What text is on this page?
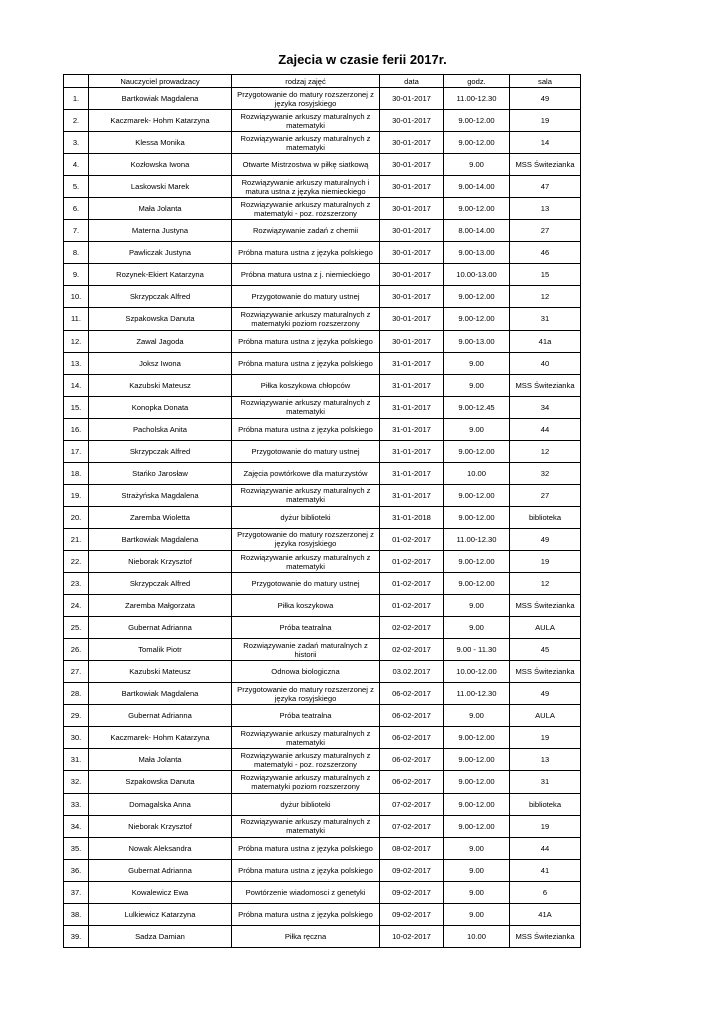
Zajecia w czasie ferii 2017r.
	Nauczyciel prowadzacy	rodzaj zajęć	data	godz.	sala
1.	Bartkowiak Magdalena	Przygotowanie do matury rozszerzonej z języka rosyjskiego	30-01-2017	11.00-12.30	49
2.	Kaczmarek- Hohm Katarzyna	Rozwiązywanie arkuszy maturalnych z matematyki	30-01-2017	9.00-12.00	19
3.	Klessa Monika	Rozwiązywanie arkuszy maturalnych z matematyki	30-01-2017	9.00-12.00	14
4.	Kozłowska Iwona	Otwarte Mistrzostwa w piłkę siatkową	30-01-2017	9.00	MSS Świtezianka
5.	Laskowski Marek	Rozwiązywanie arkuszy maturalnych i matura ustna z języka niemieckiego	30-01-2017	9.00-14.00	47
6.	Mała Jolanta	Rozwiązywanie arkuszy maturalnych z matematyki - poz. rozszerzony	30-01-2017	9.00-12.00	13
7.	Materna Justyna	Rozwiązywanie zadań z chemii	30-01-2017	8.00-14.00	27
8.	Pawliczak Justyna	Próbna matura ustna z języka polskiego	30-01-2017	9.00-13.00	46
9.	Rozynek-Ekiert Katarzyna	Próbna matura ustna z j. niemieckiego	30-01-2017	10.00-13.00	15
10.	Skrzypczak Alfred	Przygotowanie do matury ustnej	30-01-2017	9.00-12.00	12
11.	Szpakowska Danuta	Rozwiązywanie arkuszy maturalnych z matematyki poziom rozszerzony	30-01-2017	9.00-12.00	31
12.	Zawal Jagoda	Próbna matura ustna z języka polskiego	30-01-2017	9.00-13.00	41a
13.	Joksz Iwona	Próbna matura ustna z języka polskiego	31-01-2017	9.00	40
14.	Kazubski Mateusz	Piłka koszykowa chłopców	31-01-2017	9.00	MSS Świtezianka
15.	Konopka Donata	Rozwiązywanie arkuszy maturalnych z matematyki	31-01-2017	9.00-12.45	34
16.	Pacholska Anita	Próbna matura ustna z języka polskiego	31-01-2017	9.00	44
17.	Skrzypczak Alfred	Przygotowanie do matury ustnej	31-01-2017	9.00-12.00	12
18.	Stańko Jarosław	Zajęcia powtórkowe dla maturzystów	31-01-2017	10.00	32
19.	Strażyńska Magdalena	Rozwiązywanie arkuszy maturalnych z matematyki	31-01-2017	9.00-12.00	27
20.	Zaremba Wioletta	dyżur biblioteki	31-01-2018	9.00-12.00	biblioteka
21.	Bartkowiak Magdalena	Przygotowanie do matury rozszerzonej z języka rosyjskiego	01-02-2017	11.00-12.30	49
22.	Nieborak Krzysztof	Rozwiązywanie arkuszy maturalnych z matematyki	01-02-2017	9.00-12.00	19
23.	Skrzypczak Alfred	Przygotowanie do matury ustnej	01-02-2017	9.00-12.00	12
24.	Zaremba Małgorzata	Piłka koszykowa	01-02-2017	9.00	MSS Świtezianka
25.	Gubernat Adrianna	Próba teatralna	02-02-2017	9.00	AULA
26.	Tomalik Piotr	Rozwiązywanie zadań maturalnych z historii	02-02-2017	9.00 - 11.30	45
27.	Kazubski Mateusz	Odnowa biologiczna	03.02.2017	10.00-12.00	MSS Świtezianka
28.	Bartkowiak Magdalena	Przygotowanie do matury rozszerzonej z języka rosyjskiego	06-02-2017	11.00-12.30	49
29.	Gubernat Adrianna	Próba teatralna	06-02-2017	9.00	AULA
30.	Kaczmarek- Hohm Katarzyna	Rozwiązywanie arkuszy maturalnych z matematyki	06-02-2017	9.00-12.00	19
31.	Mała Jolanta	Rozwiązywanie arkuszy maturalnych z matematyki - poz. rozszerzony	06-02-2017	9.00-12.00	13
32.	Szpakowska Danuta	Rozwiązywanie arkuszy maturalnych z matematyki poziom rozszerzony	06-02-2017	9.00-12.00	31
33.	Domagalska Anna	dyżur biblioteki	07-02-2017	9.00-12.00	biblioteka
34.	Nieborak Krzysztof	Rozwiązywanie arkuszy maturalnych z matematyki	07-02-2017	9.00-12.00	19
35.	Nowak Aleksandra	Próbna matura ustna z języka polskiego	08-02-2017	9.00	44
36.	Gubernat Adrianna	Próbna matura ustna z języka polskiego	09-02-2017	9.00	41
37.	Kowalewicz Ewa	Powtórzenie wiadomosci z genetyki	09-02-2017	9.00	6
38.	Lulkiewicz Katarzyna	Próbna matura ustna z języka polskiego	09-02-2017	9.00	41A
39.	Sadza Damian	Piłka ręczna	10-02-2017	10.00	MSS Świtezianka
